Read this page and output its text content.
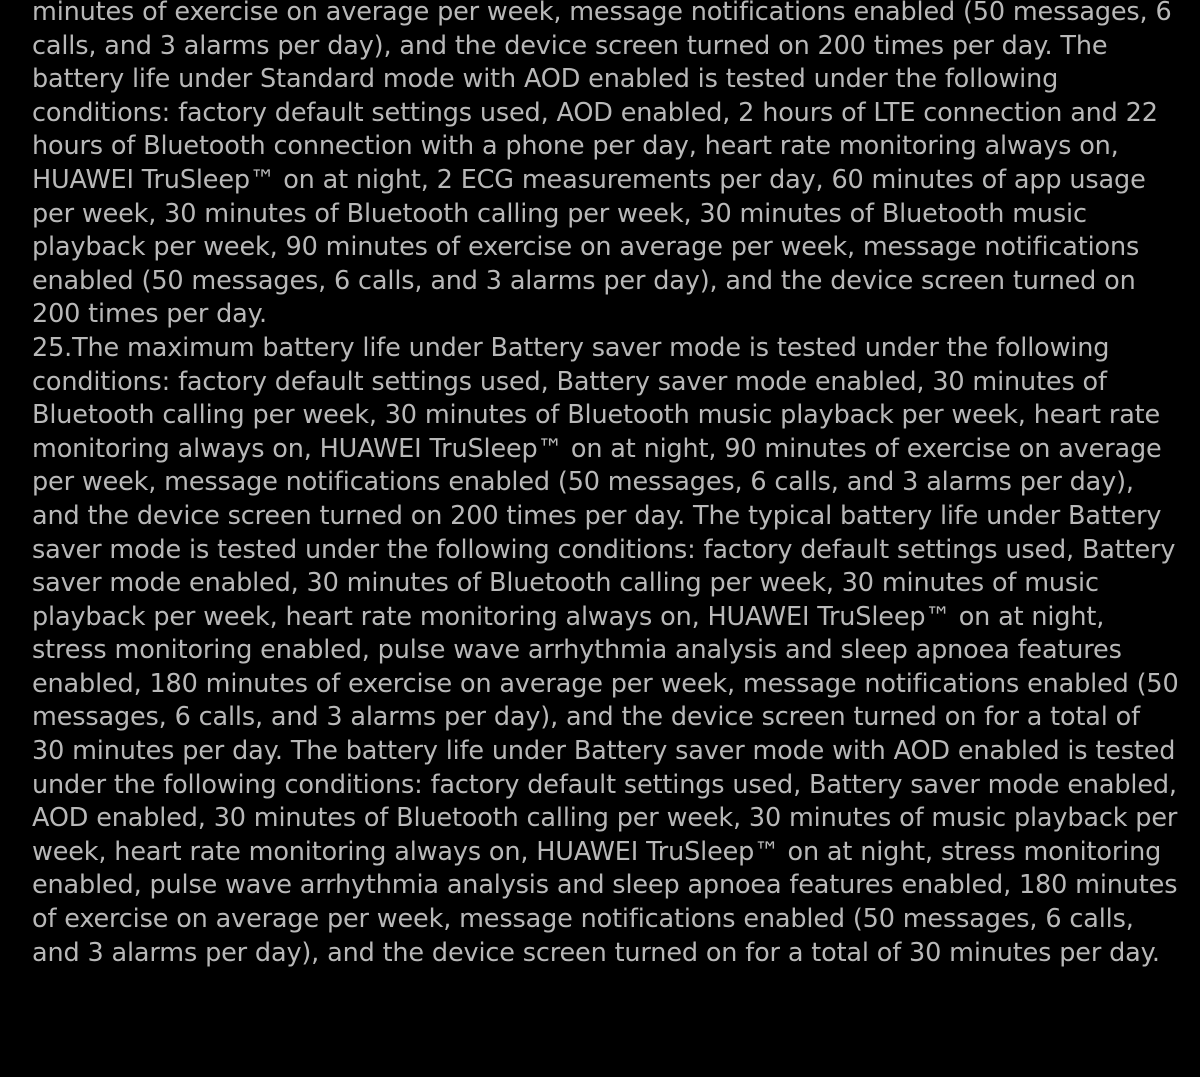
minutes of exercise on average per week, message notifications enabled (50 messages, 6 calls, and 3 alarms per day), and the device screen turned on 200 times per day. The battery life under Standard mode with AOD enabled is tested under the following conditions: factory default settings used, AOD enabled, 2 hours of LTE connection and 22 hours of Bluetooth connection with a phone per day, heart rate monitoring always on, HUAWEI TruSleep™ on at night, 2 ECG measurements per day, 60 minutes of app usage per week, 30 minutes of Bluetooth calling per week, 30 minutes of Bluetooth music playback per week, 90 minutes of exercise on average per week, message notifications enabled (50 messages, 6 calls, and 3 alarms per day), and the device screen turned on 200 times per day.

25.The maximum battery life under Battery saver mode is tested under the following conditions: factory default settings used, Battery saver mode enabled, 30 minutes of Bluetooth calling per week, 30 minutes of Bluetooth music playback per week, heart rate monitoring always on, HUAWEI TruSleep™ on at night, 90 minutes of exercise on average per week, message notifications enabled (50 messages, 6 calls, and 3 alarms per day), and the device screen turned on 200 times per day. The typical battery life under Battery saver mode is tested under the following conditions: factory default settings used, Battery saver mode enabled, 30 minutes of Bluetooth calling per week, 30 minutes of music playback per week, heart rate monitoring always on, HUAWEI TruSleep™ on at night, stress monitoring enabled, pulse wave arrhythmia analysis and sleep apnoea features enabled, 180 minutes of exercise on average per week, message notifications enabled (50 messages, 6 calls, and 3 alarms per day), and the device screen turned on for a total of 30 minutes per day. The battery life under Battery saver mode with AOD enabled is tested under the following conditions: factory default settings used, Battery saver mode enabled, AOD enabled, 30 minutes of Bluetooth calling per week, 30 minutes of music playback per week, heart rate monitoring always on, HUAWEI TruSleep™ on at night, stress monitoring enabled, pulse wave arrhythmia analysis and sleep apnoea features enabled, 180 minutes of exercise on average per week, message notifications enabled (50 messages, 6 calls, and 3 alarms per day), and the device screen turned on for a total of 30 minutes per day.
